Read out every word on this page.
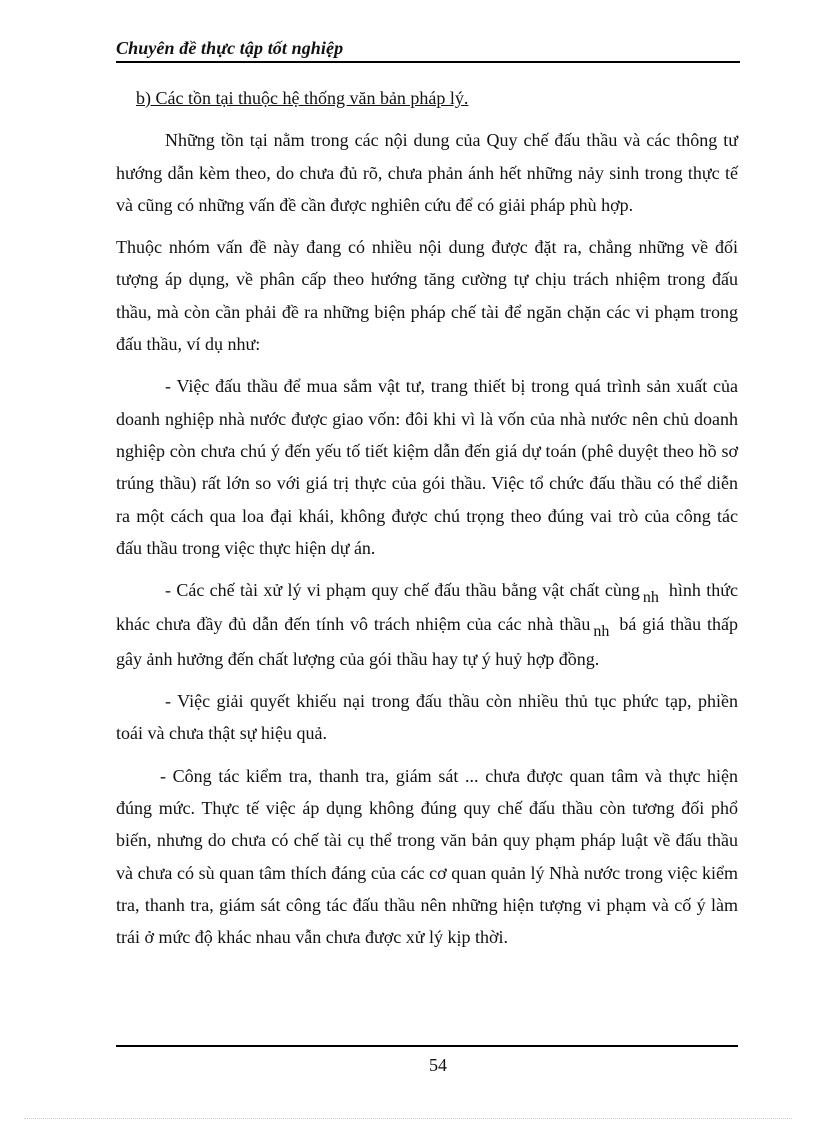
Chuyên đề thực tập tốt nghiệp

b) Các tồn tại thuộc hệ thống văn bản pháp lý.

Những tồn tại nằm trong các nội dung của Quy chế đấu thầu và các thông tư hướng dẫn kèm theo, do chưa đủ rõ, chưa phản ánh hết những nảy sinh trong thực tế và cũng có những vấn đề cần được nghiên cứu để có giải pháp phù hợp.

Thuộc nhóm vấn đề này đang có nhiều nội dung được đặt ra, chẳng những về đối tượng áp dụng, về phân cấp theo hướng tăng cường tự chịu trách nhiệm trong đấu thầu, mà còn cần phải đề ra những biện pháp chế tài để ngăn chặn các vi phạm trong đấu thầu, ví dụ như:

- Việc đấu thầu để mua sắm vật tư, trang thiết bị trong quá trình sản xuất của doanh nghiệp nhà nước được giao vốn: đôi khi vì là vốn của nhà nước nên chủ doanh nghiệp còn chưa chú ý đến yếu tố tiết kiệm dẫn đến giá dự toán (phê duyệt theo hồ sơ trúng thầu) rất lớn so với giá trị thực của gói thầu. Việc tổ chức đấu thầu có thể diễn ra một cách qua loa đại khái, không được chú trọng theo đúng vai trò của công tác đấu thầu trong việc thực hiện dự án.

- Các chế tài xử lý vi phạm quy chế đấu thầu bằng vật chất cùng nh hình thức khác chưa đầy đủ dẫn đến tính vô trách nhiệm của các nhà thầu nh bá giá thầu thấp gây ảnh hưởng đến chất lượng của gói thầu hay tự ý huỷ hợp đồng.

- Việc giải quyết khiếu nại trong đấu thầu còn nhiều thủ tục phức tạp, phiền toái và chưa thật sự hiệu quả.

- Công tác kiểm tra, thanh tra, giám sát ... chưa được quan tâm và thực hiện đúng mức. Thực tế việc áp dụng không đúng quy chế đấu thầu còn tương đối phổ biến, nhưng do chưa có chế tài cụ thể trong văn bản quy phạm pháp luật về đấu thầu và chưa có sù quan tâm thích đáng của các cơ quan quản lý Nhà nước trong việc kiểm tra, thanh tra, giám sát công tác đấu thầu nên những hiện tượng vi phạm và cố ý làm trái ở mức độ khác nhau vẫn chưa được xử lý kịp thời.

54
